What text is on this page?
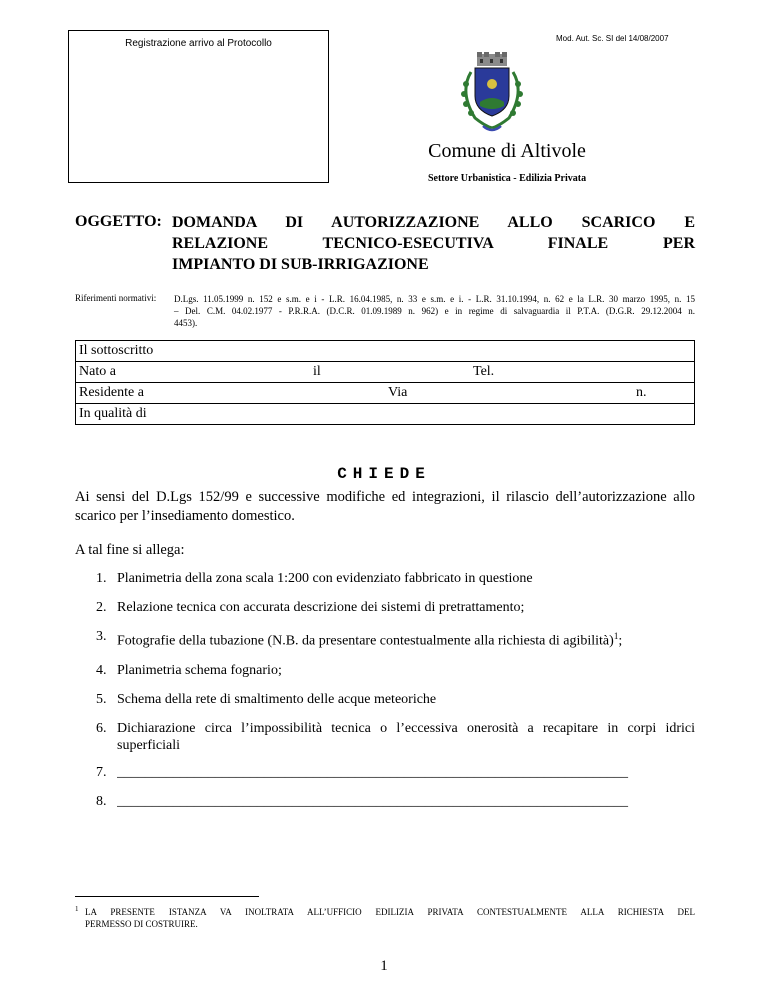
Registrazione arrivo al Protocollo	Mod. Aut. Sc. SI del 14/08/2007
Comune di Altivole
Settore Urbanistica - Edilizia Privata
OGGETTO: DOMANDA DI AUTORIZZAZIONE ALLO SCARICO E
RELAZIONE TECNICO-ESECUTIVA FINALE PER
IMPIANTO DI SUB-IRRIGAZIONE
Riferimenti normativi: D.Lgs. 11.05.1999 n. 152 e s.m. e i - L.R. 16.04.1985, n. 33 e s.m. e i. - L.R. 31.10.1994, n. 62 e la L.R. 30 marzo 1995, n. 15
– Del. C.M. 04.02.1977 - P.R.R.A. (D.C.R. 01.09.1989 n. 962) e in regime di salvaguardia il P.T.A. (D.G.R. 29.12.2004 n.
4453).
Il sottoscritto
Nato a	il	Tel.
Residente a	Via	n.
In qualità di
CHIEDE
Ai sensi del D.Lgs 152/99 e successive modifiche ed integrazioni, il rilascio dell’autorizzazione allo
scarico per l’insediamento domestico.
A tal fine si allega:
1. Planimetria della zona scala 1:200 con evidenziato fabbricato in questione
2. Relazione tecnica con accurata descrizione dei sistemi di pretrattamento;
3. Fotografie della tubazione (N.B. da presentare contestualmente alla richiesta di agibilità)$^1$;
4. Planimetria schema fognario;
5. Schema della rete di smaltimento delle acque meteoriche
6. Dichiarazione circa l’impossibilità tecnica o l’eccessiva onerosità a recapitare in corpi idrici
superficiali
7. _________________________________________________________________________
8. _________________________________________________________________________
1 LA PRESENTE ISTANZA VA INOLTRATA ALL’UFFICIO EDILIZIA PRIVATA CONTESTUALMENTE ALLA RICHIESTA DEL
PERMESSO DI COSTRUIRE.
1
